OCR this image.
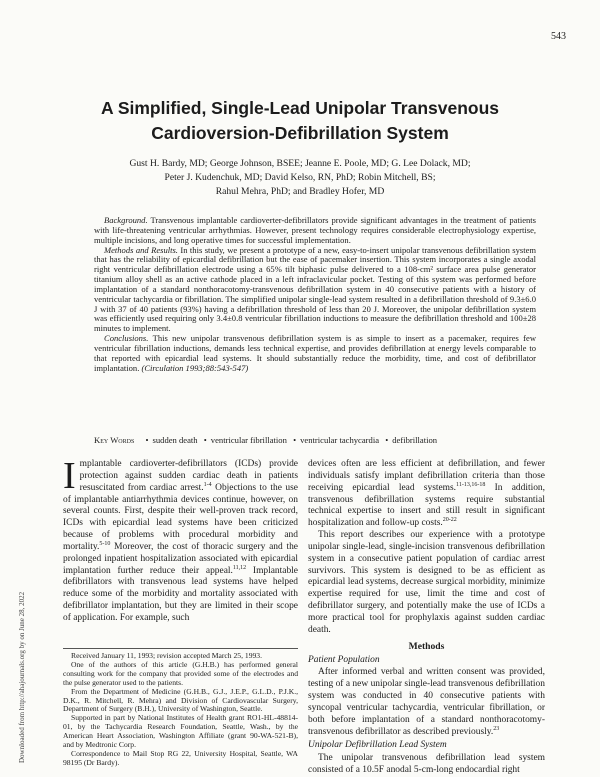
543
A Simplified, Single-Lead Unipolar Transvenous Cardioversion-Defibrillation System
Gust H. Bardy, MD; George Johnson, BSEE; Jeanne E. Poole, MD; G. Lee Dolack, MD;
Peter J. Kudenchuk, MD; David Kelso, RN, PhD; Robin Mitchell, BS;
Rahul Mehra, PhD; and Bradley Hofer, MD

Background. Transvenous implantable cardioverter-defibrillators provide significant advantages in the treatment of patients with life-threatening ventricular arrhythmias. However, present technology requires considerable electrophysiology expertise, multiple incisions, and long operative times for successful implementation.

Methods and Results. In this study, we present a prototype of a new, easy-to-insert unipolar transvenous defibrillation system that has the reliability of epicardial defibrillation but the ease of pacemaker insertion. This system incorporates a single axodal right ventricular defibrillation electrode using a 65% tilt biphasic pulse delivered to a 108-cm² surface area pulse generator titanium alloy shell as an active cathode placed in a left infraclavicular pocket. Testing of this system was performed before implantation of a standard nonthoracotomy-transvenous defibrillation system in 40 consecutive patients with a history of ventricular tachycardia or fibrillation. The simplified unipolar single-lead system resulted in a defibrillation threshold of 9.3±6.0 J with 37 of 40 patients (93%) having a defibrillation threshold of less than 20 J. Moreover, the unipolar defibrillation system was efficiently used requiring only 3.4±0.8 ventricular fibrillation inductions to measure the defibrillation threshold and 100±28 minutes to implement.

Conclusions. This new unipolar transvenous defibrillation system is as simple to insert as a pacemaker, requires few ventricular fibrillation inductions, demands less technical expertise, and provides defibrillation at energy levels comparable to that reported with epicardial lead systems. It should substantially reduce the morbidity, time, and cost of defibrillator implantation. (Circulation 1993;88:543-547)

Key Words • sudden death • ventricular fibrillation • ventricular tachycardia • defibrillation
Downloaded from http://ahajournals.org by on June 28, 2022

Implantable cardioverter-defibrillators (ICDs) provide protection against sudden cardiac death in patients resuscitated from cardiac arrest.$^{1-4}$ Objections to the use of implantable antiarrhythmia devices continue, however, on several counts. First, despite their well-proven track record, ICDs with epicardial lead systems have been criticized because of problems with procedural morbidity and mortality.$^{5-10}$ Moreover, the cost of thoracic surgery and the prolonged inpatient hospitalization associated with epicardial implantation further reduce their appeal.$^{11,12}$ Implantable defibrillators with transvenous lead systems have helped reduce some of the morbidity and mortality associated with defibrillator implantation, but they are limited in their scope of application. For example, such

Received January 11, 1993; revision accepted March 25, 1993.

One of the authors of this article (G.H.B.) has performed general consulting work for the company that provided some of the electrodes and the pulse generator used to the patients.

From the Department of Medicine (G.H.B., G.J., J.E.P., G.L.D., P.J.K., D.K., R. Mitchell, R. Mehra) and Division of Cardiovascular Surgery, Department of Surgery (B.H.), University of Washington, Seattle.

Supported in part by National Institutes of Health grant RO1-HL-48814-01, by the Tachycardia Research Foundation, Seattle, Wash., by the American Heart Association, Washington Affiliate (grant 90-WA-521-B), and by Medtronic Corp.

Correspondence to Mail Stop RG 22, University Hospital, Seattle, WA 98195 (Dr Bardy).

devices often are less efficient at defibrillation, and fewer individuals satisfy implant defibrillation criteria than those receiving epicardial lead systems.$^{11-13,16-18}$ In addition, transvenous defibrillation systems require substantial technical expertise to insert and still result in significant hospitalization and follow-up costs.$^{20-22}$

This report describes our experience with a prototype unipolar single-lead, single-incision transvenous defibrillation system in a consecutive patient population of cardiac arrest survivors. This system is designed to be as efficient as epicardial lead systems, decrease surgical morbidity, minimize expertise required for use, limit the time and cost of defibrillator surgery, and potentially make the use of ICDs a more practical tool for prophylaxis against sudden cardiac death.

Methods
Patient Population

After informed verbal and written consent was provided, testing of a new unipolar single-lead transvenous defibrillation system was conducted in 40 consecutive patients with syncopal ventricular tachycardia, ventricular fibrillation, or both before implantation of a standard nonthoracotomy-transvenous defibrillator as described previously.$^{23}$

Unipolar Defibrillation Lead System

The unipolar transvenous defibrillation lead system consisted of a 10.5F anodal 5-cm-long endocardial right
